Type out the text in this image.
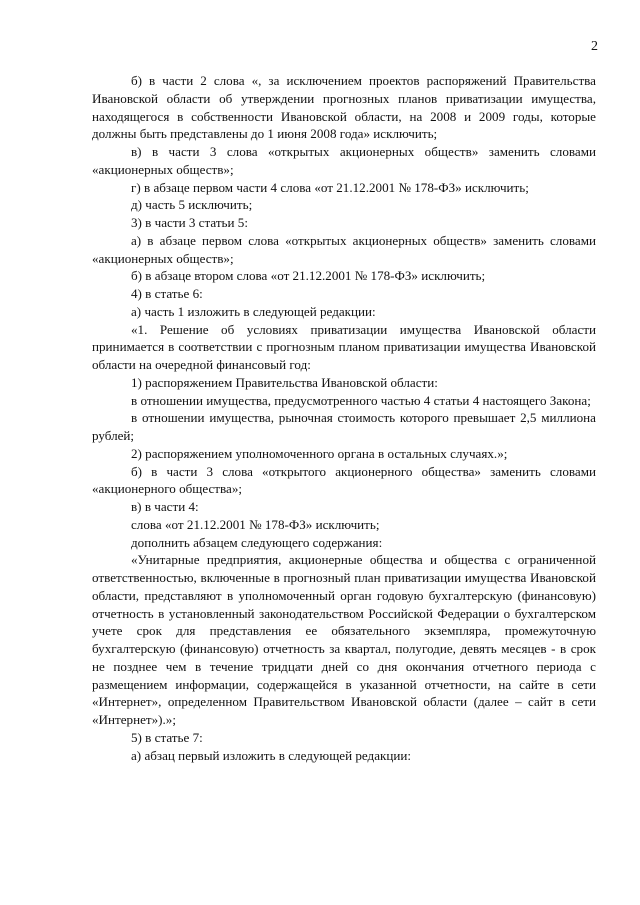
2

б) в части 2 слова «, за исключением проектов распоряжений Правительства Ивановской области об утверждении прогнозных планов приватизации имущества, находящегося в собственности Ивановской области, на 2008 и 2009 годы, которые должны быть представлены до 1 июня 2008 года» исключить;

в) в части 3 слова «открытых акционерных обществ» заменить словами «акционерных обществ»;

г) в абзаце первом части 4 слова «от 21.12.2001 № 178-ФЗ» исключить;

д) часть 5 исключить;

3) в части 3 статьи 5:

а) в абзаце первом слова «открытых акционерных обществ» заменить словами «акционерных обществ»;

б) в абзаце втором слова «от 21.12.2001 № 178-ФЗ» исключить;

4) в статье 6:

а) часть 1 изложить в следующей редакции:

«1. Решение об условиях приватизации имущества Ивановской области принимается в соответствии с прогнозным планом приватизации имущества Ивановской области на очередной финансовый год:

1) распоряжением Правительства Ивановской области:

в отношении имущества, предусмотренного частью 4 статьи 4 настоящего Закона;

в отношении имущества, рыночная стоимость которого превышает 2,5 миллиона рублей;

2) распоряжением уполномоченного органа в остальных случаях.»;

б) в части 3 слова «открытого акционерного общества» заменить словами «акционерного общества»;

в) в части 4:

слова «от 21.12.2001 № 178-ФЗ» исключить;

дополнить абзацем следующего содержания:

«Унитарные предприятия, акционерные общества и общества с ограниченной ответственностью, включенные в прогнозный план приватизации имущества Ивановской области, представляют в уполномоченный орган годовую бухгалтерскую (финансовую) отчетность в установленный законодательством Российской Федерации о бухгалтерском учете срок для представления ее обязательного экземпляра, промежуточную бухгалтерскую (финансовую) отчетность за квартал, полугодие, девять месяцев - в срок не позднее чем в течение тридцати дней со дня окончания отчетного периода с размещением информации, содержащейся в указанной отчетности, на сайте в сети «Интернет», определенном Правительством Ивановской области (далее – сайт в сети «Интернет»).»;

5) в статье 7:

а) абзац первый изложить в следующей редакции:
